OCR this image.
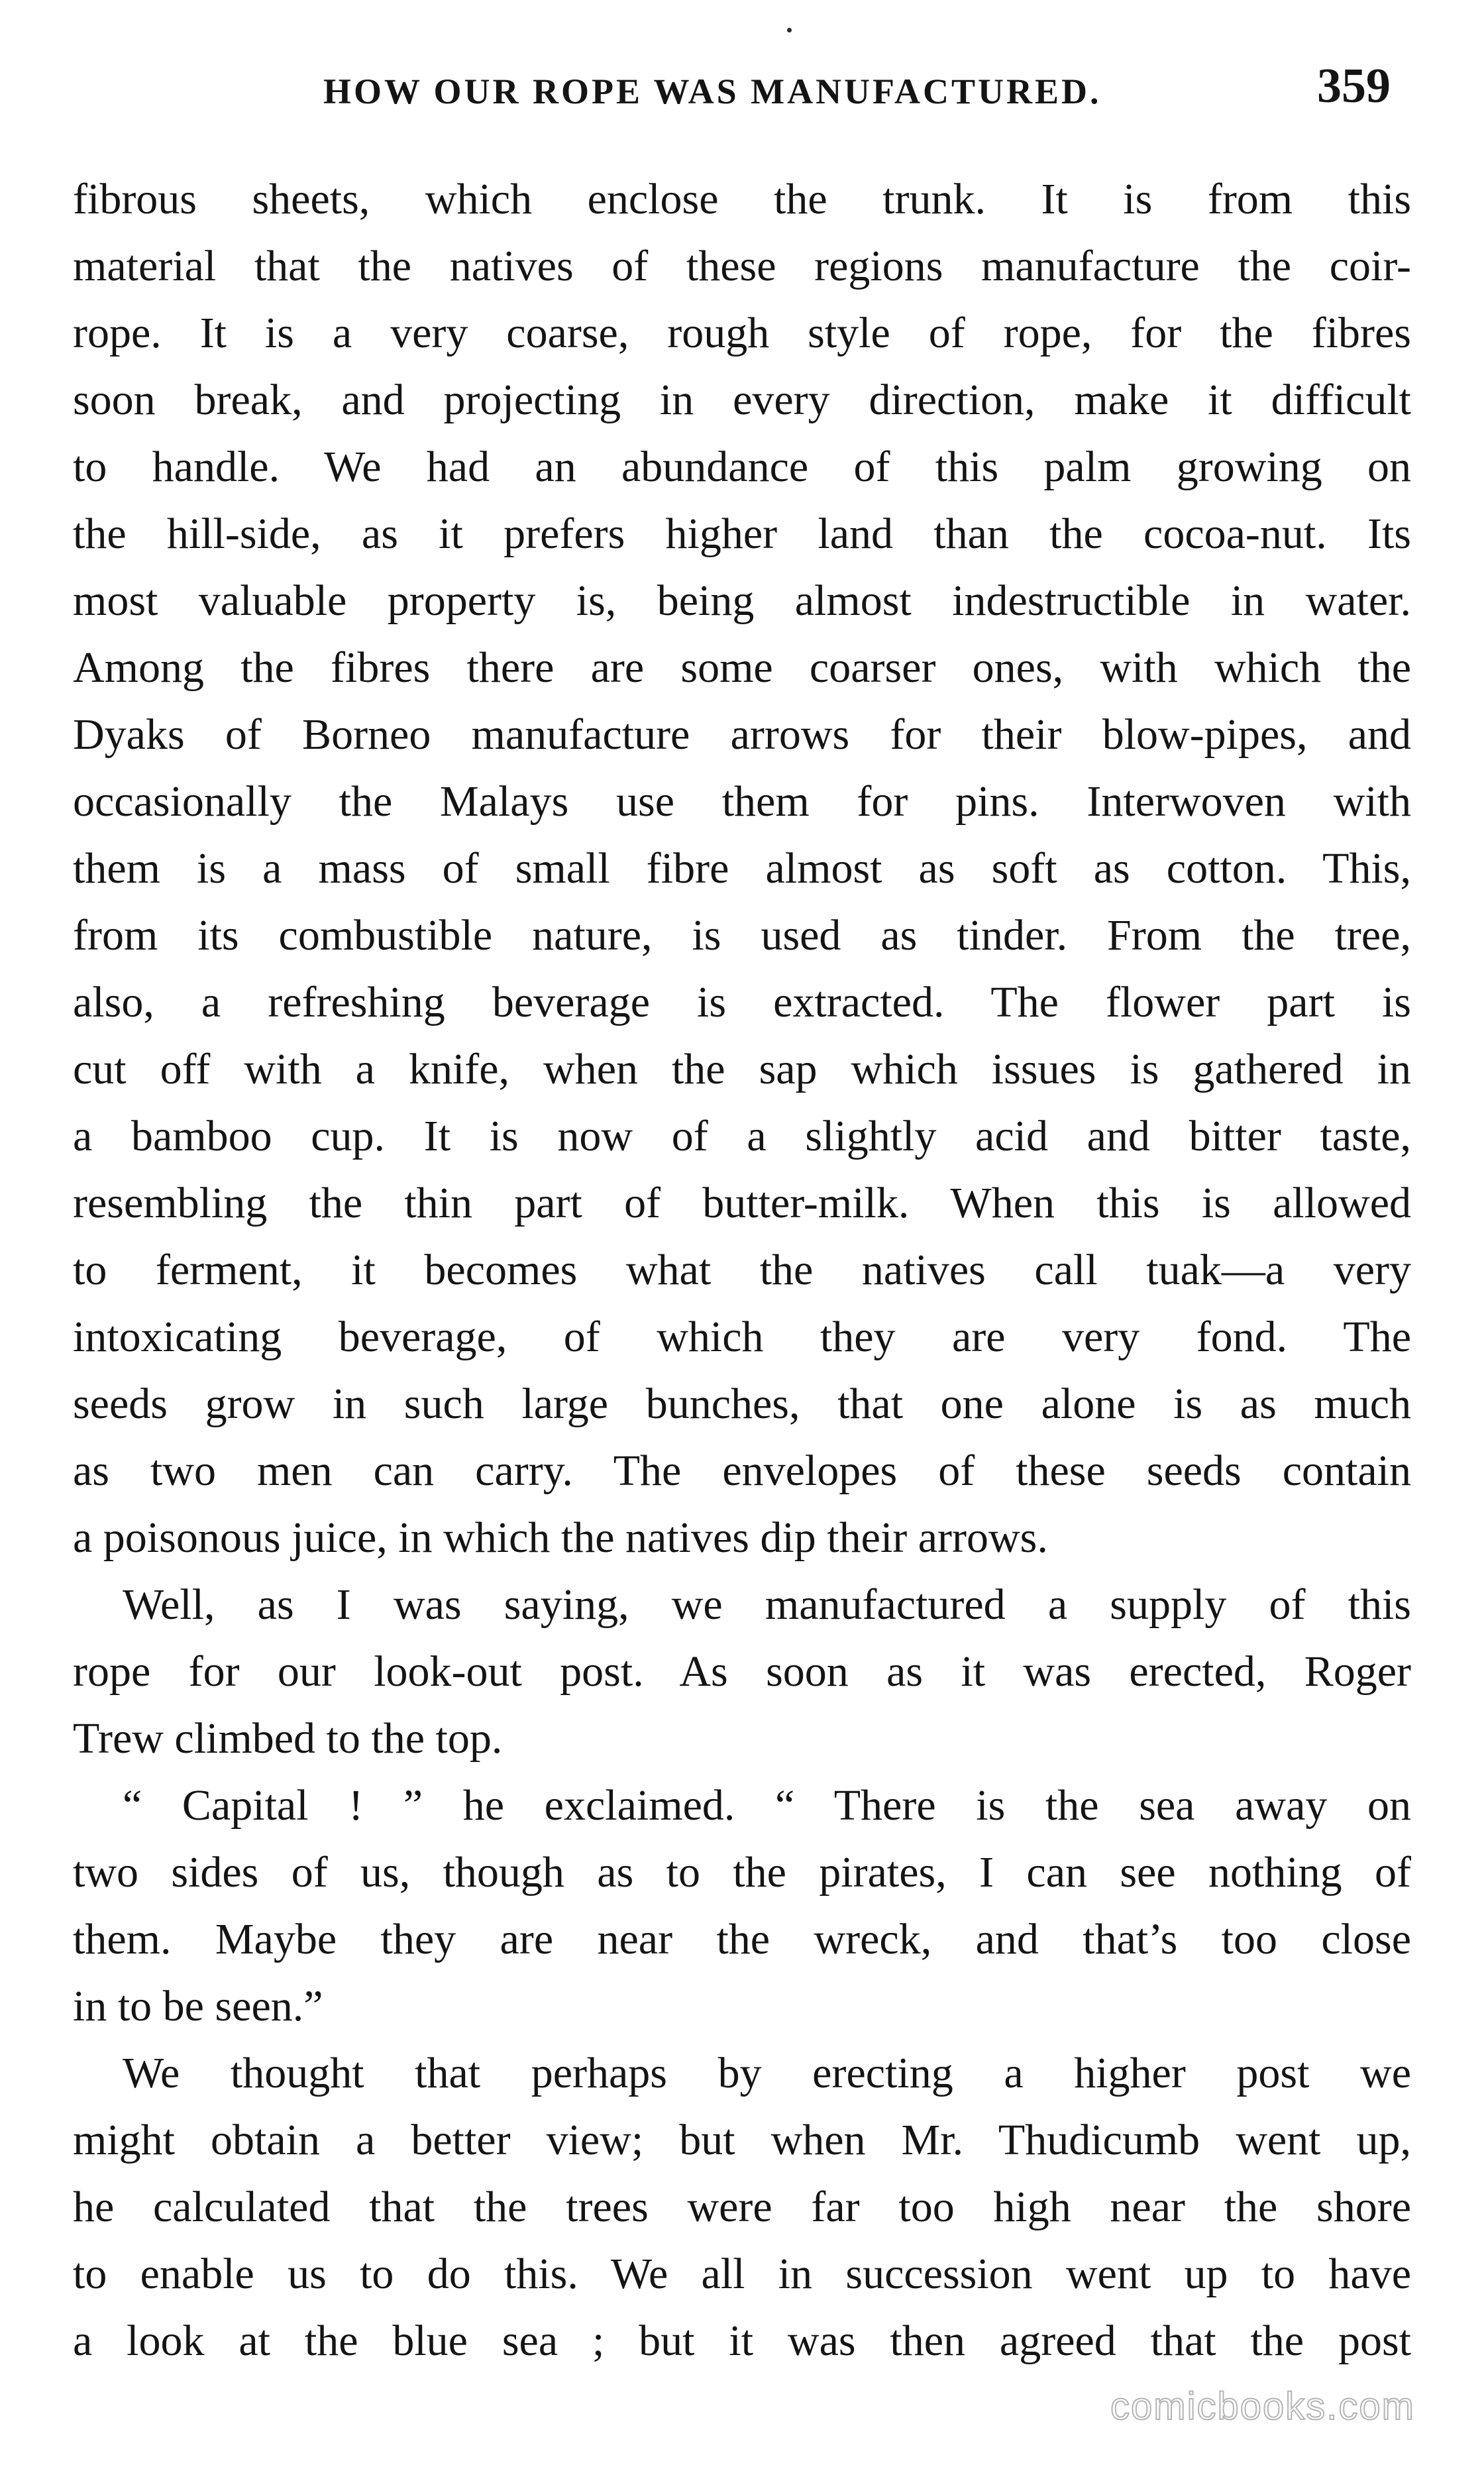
HOW OUR ROPE WAS MANUFACTURED.	359
fibrous sheets, which enclose the trunk. It is from this
material that the natives of these regions manufacture the coir-
rope. It is a very coarse, rough style of rope, for the fibres
soon break, and projecting in every direction, make it difficult
to handle. We had an abundance of this palm growing on
the hill-side, as it prefers higher land than the cocoa-nut. Its
most valuable property is, being almost indestructible in water.
Among the fibres there are some coarser ones, with which the
Dyaks of Borneo manufacture arrows for their blow-pipes, and
occasionally the Malays use them for pins. Interwoven with
them is a mass of small fibre almost as soft as cotton. This,
from its combustible nature, is used as tinder. From the tree,
also, a refreshing beverage is extracted. The flower part is
cut off with a knife, when the sap which issues is gathered in
a bamboo cup. It is now of a slightly acid and bitter taste,
resembling the thin part of butter-milk. When this is allowed
to ferment, it becomes what the natives call tuak—a very
intoxicating beverage, of which they are very fond. The
seeds grow in such large bunches, that one alone is as much
as two men can carry. The envelopes of these seeds contain
a poisonous juice, in which the natives dip their arrows.
Well, as I was saying, we manufactured a supply of this
rope for our look-out post. As soon as it was erected, Roger
Trew climbed to the top.
“ Capital ! ” he exclaimed. “ There is the sea away on
two sides of us, though as to the pirates, I can see nothing of
them. Maybe they are near the wreck, and that’s too close
in to be seen.”
We thought that perhaps by erecting a higher post we
might obtain a better view; but when Mr. Thudicumb went up,
he calculated that the trees were far too high near the shore
to enable us to do this. We all in succession went up to have
a look at the blue sea ; but it was then agreed that the post
comicbooks.com
